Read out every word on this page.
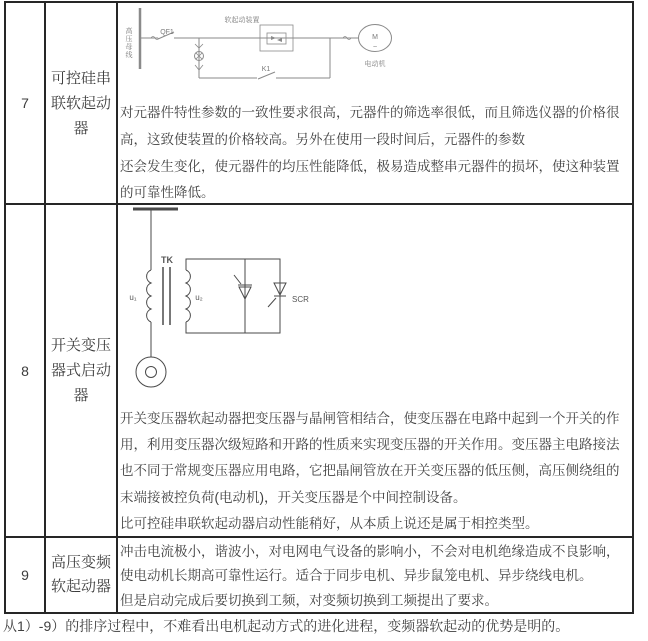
7
可控硅串
联软起动
器
QF1
K1
软起动装置
M
~
电动机
高压母线
对元器件特性参数的一致性要求很高，元器件的筛选率很低，而且筛选仪器的价格很
高，这致使装置的价格较高。另外在使用一段时间后，元器件的参数
还会发生变化，使元器件的均压性能降低，极易造成整串元器件的损坏，使这种装置
的可靠性降低。
8
开关变压
器式启动
器
u₁
TK
u₂	SCR
开关变压器软起动器把变压器与晶闸管相结合，使变压器在电路中起到一个开关的作
用，利用变压器次级短路和开路的性质来实现变压器的开关作用。变压器主电路接法
也不同于常规变压器应用电路，它把晶闸管放在开关变压器的低压侧，高压侧绕组的
末端接被控负荷(电动机)，开关变压器是个中间控制设备。
比可控硅串联软起动器启动性能稍好，从本质上说还是属于相控类型。
9
高压变频
软起动器
冲击电流极小，谐波小，对电网电气设备的影响小，不会对电机绝缘造成不良影响，
使电动机长期高可靠性运行。适合于同步电机、异步鼠笼电机、异步绕线电机。
但是启动完成后要切换到工频，对变频切换到工频提出了要求。
从1）-9）的排序过程中，不难看出电机起动方式的进化进程，变频器软起动的优势是明的。
